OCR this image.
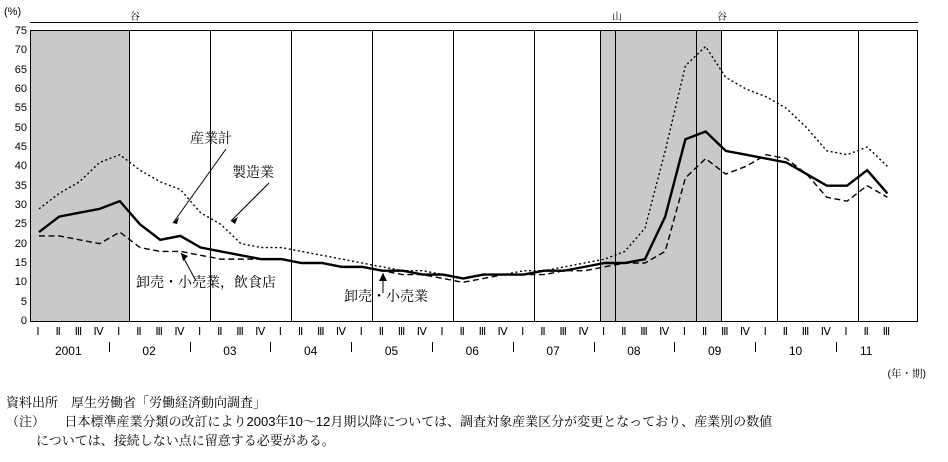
(%)	谷	山	谷
0
5
10
15
20
25
30
35
40
45
50
55
60
65
70
75
産業計
製造業
卸売・小売業，飲食店
卸売・小売業
Ⅰ Ⅱ Ⅲ Ⅳ Ⅰ Ⅱ Ⅲ Ⅳ Ⅰ Ⅱ Ⅲ Ⅳ Ⅰ Ⅱ Ⅲ Ⅳ Ⅰ Ⅱ Ⅲ Ⅳ Ⅰ Ⅱ Ⅲ Ⅳ Ⅰ Ⅱ Ⅲ Ⅳ Ⅰ Ⅱ Ⅲ Ⅳ Ⅰ Ⅱ Ⅲ Ⅳ Ⅰ Ⅱ Ⅲ Ⅳ Ⅰ Ⅱ Ⅲ
2001	02	03	04	05	06	07	08	09	10	11
(年・期)
資料出所　厚生労働省「労働経済動向調査」
（注）　　日本標準産業分類の改訂により2003年10～12月期以降については、調査対象産業区分が変更となっており、産業別の数値
については、接続しない点に留意する必要がある。
